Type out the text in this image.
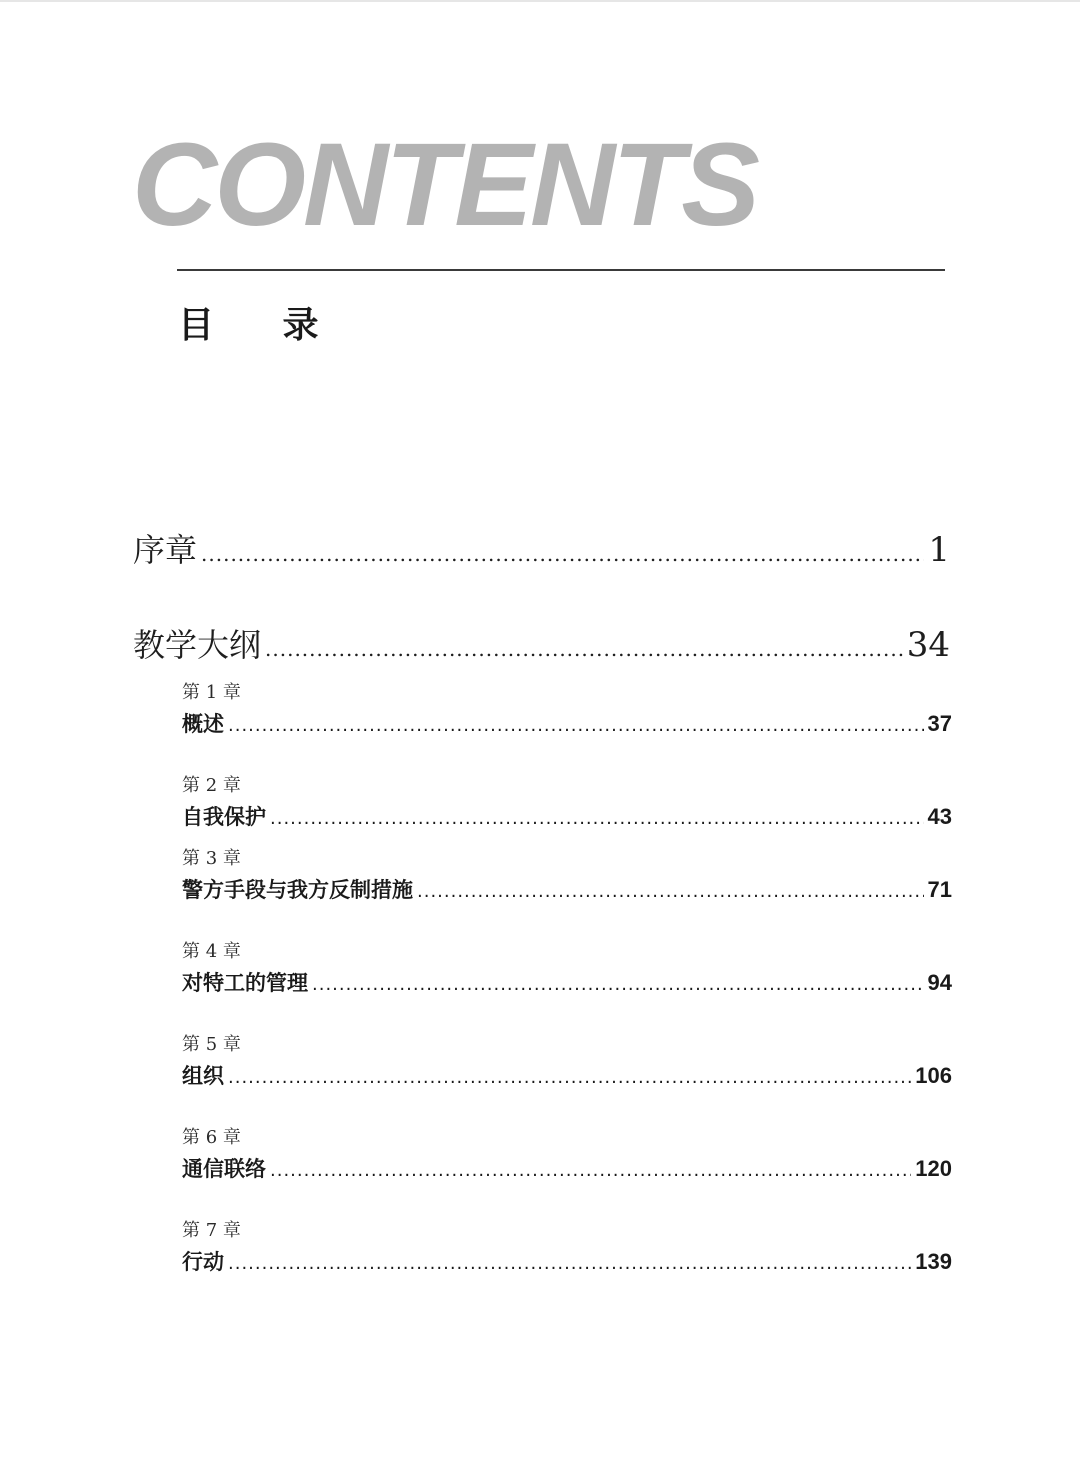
CONTENTS
目 录
序章 .....	1
教学大纲 .....	34
第 1 章
概述 .....	37
第 2 章
自我保护 .....	43
第 3 章
警方手段与我方反制措施 .....	71
第 4 章
对特工的管理 .....	94
第 5 章
组织 .....	106
第 6 章
通信联络 .....	120
第 7 章
行动 .....	139
